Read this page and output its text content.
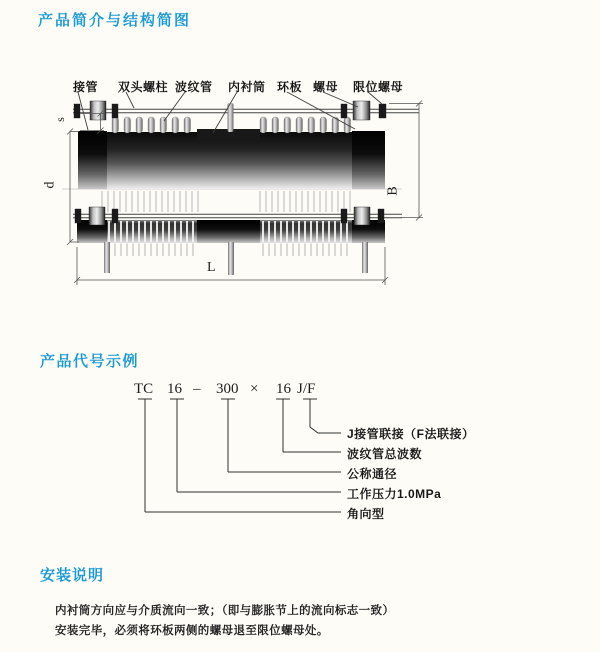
产品简介与结构简图
接管 双头螺柱 波纹管 内衬筒 环板 螺母 限位螺母
s
d
B
L
产品代号示例
TC 16 – 300 × 16 J/F
J接管联接（F法联接）
波纹管总波数
公称通径
工作压力1.0MPa
角向型
安装说明

内衬筒方向应与介质流向一致；（即与膨胀节上的流向标志一致）

安装完毕，必须将环板两侧的螺母退至限位螺母处。
